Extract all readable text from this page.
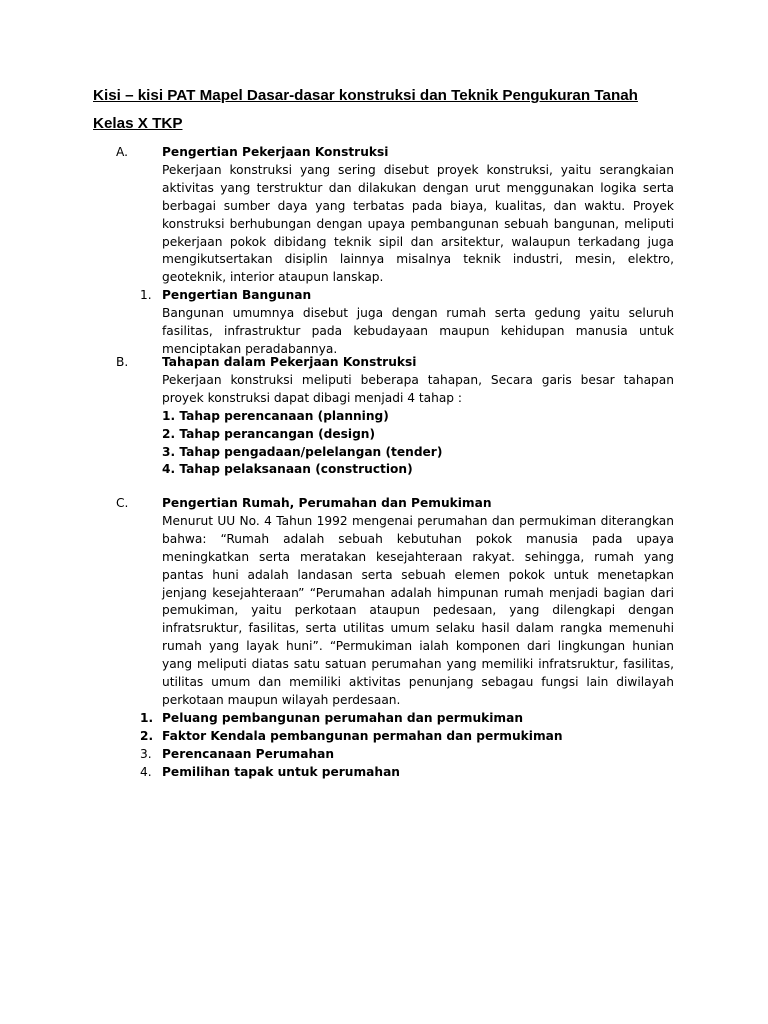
Kisi – kisi PAT Mapel Dasar-dasar konstruksi dan Teknik Pengukuran Tanah

Kelas X TKP

A.	Pengertian Pekerjaan Konstruksi

Pekerjaan konstruksi yang sering disebut proyek konstruksi, yaitu serangkaian aktivitas yang terstruktur dan dilakukan dengan urut menggunakan logika serta berbagai sumber daya yang terbatas pada biaya, kualitas, dan waktu. Proyek konstruksi berhubungan dengan upaya pembangunan sebuah bangunan, meliputi pekerjaan pokok dibidang teknik sipil dan arsitektur, walaupun terkadang juga mengikutsertakan disiplin lainnya misalnya teknik industri, mesin, elektro, geoteknik, interior ataupun lanskap.

1. Pengertian Bangunan

Bangunan umumnya disebut juga dengan rumah serta gedung yaitu seluruh fasilitas, infrastruktur pada kebudayaan maupun kehidupan manusia untuk menciptakan peradabannya.

B.	Tahapan dalam Pekerjaan Konstruksi

Pekerjaan konstruksi meliputi beberapa tahapan, Secara garis besar tahapan proyek konstruksi dapat dibagi menjadi 4 tahap :

1. Tahap perencanaan (planning)
2. Tahap perancangan (design)
3. Tahap pengadaan/pelelangan (tender)
4. Tahap pelaksanaan (construction)
C.	Pengertian Rumah, Perumahan dan Pemukiman

Menurut UU No. 4 Tahun 1992 mengenai perumahan dan permukiman diterangkan bahwa: “Rumah adalah sebuah kebutuhan pokok manusia pada upaya meningkatkan serta meratakan kesejahteraan rakyat. sehingga, rumah yang pantas huni adalah landasan serta sebuah elemen pokok untuk menetapkan jenjang kesejahteraan” “Perumahan adalah himpunan rumah menjadi bagian dari pemukiman, yaitu perkotaan ataupun pedesaan, yang dilengkapi dengan infratsruktur, fasilitas, serta utilitas umum selaku hasil dalam rangka memenuhi rumah yang layak huni”. “Permukiman ialah komponen dari lingkungan hunian yang meliputi diatas satu satuan perumahan yang memiliki infratsruktur, fasilitas, utilitas umum dan memiliki aktivitas penunjang sebagau fungsi lain diwilayah perkotaan maupun wilayah perdesaan.

1. Peluang pembangunan perumahan dan permukiman
2. Faktor Kendala pembangunan permahan dan permukiman
3. Perencanaan Perumahan
4. Pemilihan tapak untuk perumahan
